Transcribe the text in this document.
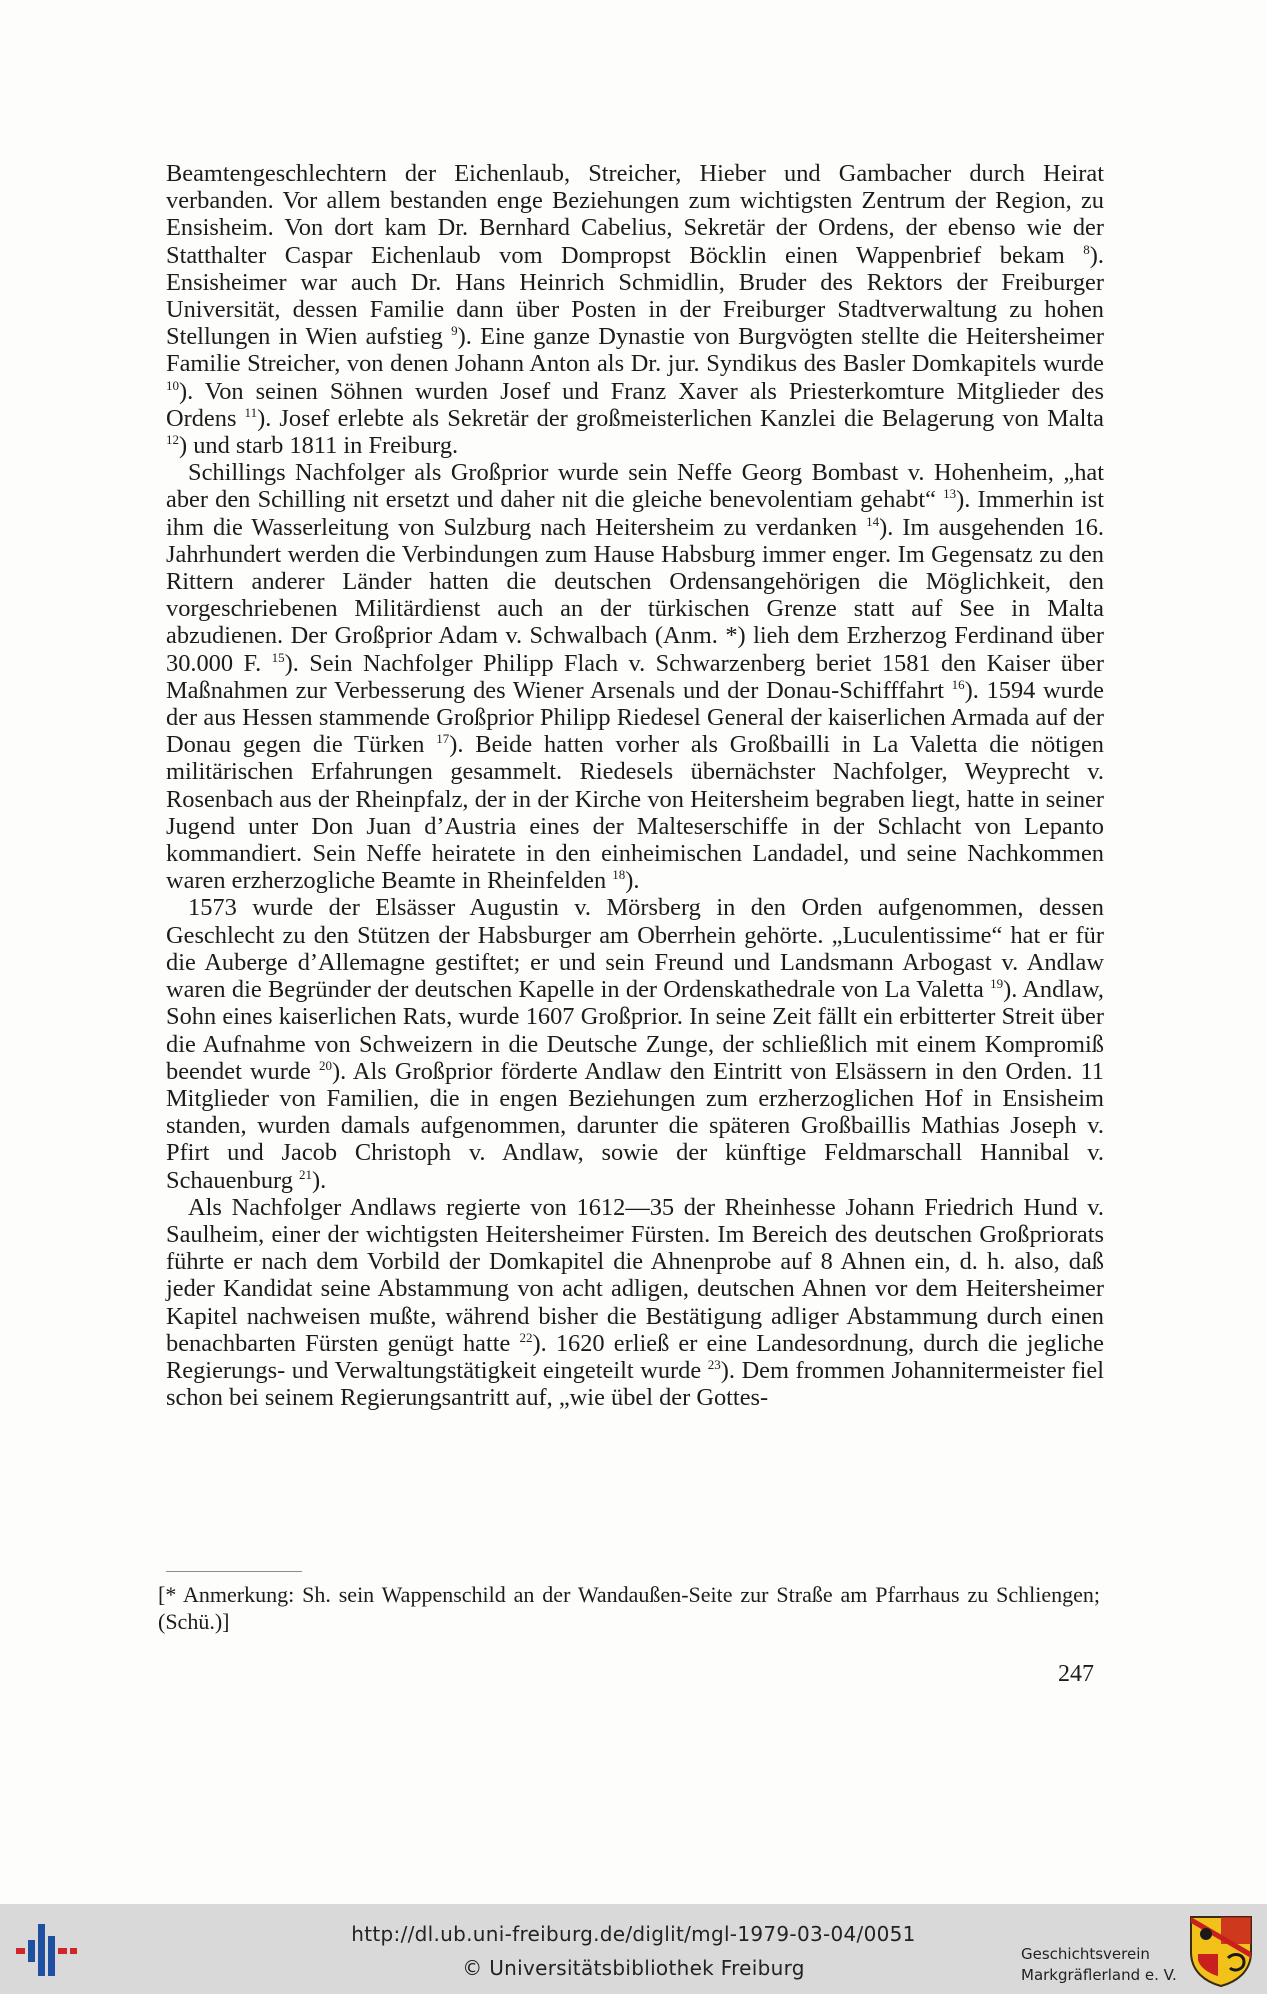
Beamtengeschlechtern der Eichenlaub, Streicher, Hieber und Gambacher durch Heirat verbanden. Vor allem bestanden enge Beziehungen zum wichtigsten Zentrum der Region, zu Ensisheim. Von dort kam Dr. Bernhard Cabelius, Sekretär der Ordens, der ebenso wie der Statthalter Caspar Eichenlaub vom Dompropst Böcklin einen Wappenbrief bekam $^8$). Ensisheimer war auch Dr. Hans Heinrich Schmidlin, Bruder des Rektors der Freiburger Universität, dessen Familie dann über Posten in der Freiburger Stadtverwaltung zu hohen Stellungen in Wien aufstieg $^9$). Eine ganze Dynastie von Burgvögten stellte die Heitersheimer Familie Streicher, von denen Johann Anton als Dr. jur. Syndikus des Basler Domkapitels wurde $^{10}$). Von seinen Söhnen wurden Josef und Franz Xaver als Priesterkomture Mitglieder des Ordens $^{11}$). Josef erlebte als Sekretär der großmeisterlichen Kanzlei die Belagerung von Malta $^{12}$) und starb 1811 in Freiburg.

Schillings Nachfolger als Großprior wurde sein Neffe Georg Bombast v. Hohenheim, „hat aber den Schilling nit ersetzt und daher nit die gleiche benevolentiam gehabt“ $^{13}$). Immerhin ist ihm die Wasserleitung von Sulzburg nach Heitersheim zu verdanken $^{14}$). Im ausgehenden 16. Jahrhundert werden die Verbindungen zum Hause Habsburg immer enger. Im Gegensatz zu den Rittern anderer Länder hatten die deutschen Ordensangehörigen die Möglichkeit, den vorgeschriebenen Militärdienst auch an der türkischen Grenze statt auf See in Malta abzudienen. Der Großprior Adam v. Schwalbach (Anm. *) lieh dem Erzherzog Ferdinand über 30.000 F. $^{15}$). Sein Nachfolger Philipp Flach v. Schwarzenberg beriet 1581 den Kaiser über Maßnahmen zur Verbesserung des Wiener Arsenals und der Donau-Schifffahrt $^{16}$). 1594 wurde der aus Hessen stammende Großprior Philipp Riedesel General der kaiserlichen Armada auf der Donau gegen die Türken $^{17}$). Beide hatten vorher als Großbailli in La Valetta die nötigen militärischen Erfahrungen gesammelt. Riedesels übernächster Nachfolger, Weyprecht v. Rosenbach aus der Rheinpfalz, der in der Kirche von Heitersheim begraben liegt, hatte in seiner Jugend unter Don Juan d’Austria eines der Malteserschiffe in der Schlacht von Lepanto kommandiert. Sein Neffe heiratete in den einheimischen Landadel, und seine Nachkommen waren erzherzogliche Beamte in Rheinfelden $^{18}$).

1573 wurde der Elsässer Augustin v. Mörsberg in den Orden aufgenommen, dessen Geschlecht zu den Stützen der Habsburger am Oberrhein gehörte. „Luculentissime“ hat er für die Auberge d’Allemagne gestiftet; er und sein Freund und Landsmann Arbogast v. Andlaw waren die Begründer der deutschen Kapelle in der Ordenskathedrale von La Valetta $^{19}$). Andlaw, Sohn eines kaiserlichen Rats, wurde 1607 Großprior. In seine Zeit fällt ein erbitterter Streit über die Aufnahme von Schweizern in die Deutsche Zunge, der schließlich mit einem Kompromiß beendet wurde $^{20}$). Als Großprior förderte Andlaw den Eintritt von Elsässern in den Orden. 11 Mitglieder von Familien, die in engen Beziehungen zum erzherzoglichen Hof in Ensisheim standen, wurden damals aufgenommen, darunter die späteren Großbaillis Mathias Joseph v. Pfirt und Jacob Christoph v. Andlaw, sowie der künftige Feldmarschall Hannibal v. Schauenburg $^{21}$).

Als Nachfolger Andlaws regierte von 1612—35 der Rheinhesse Johann Friedrich Hund v. Saulheim, einer der wichtigsten Heitersheimer Fürsten. Im Bereich des deutschen Großpriorats führte er nach dem Vorbild der Domkapitel die Ahnenprobe auf 8 Ahnen ein, d. h. also, daß jeder Kandidat seine Abstammung von acht adligen, deutschen Ahnen vor dem Heitersheimer Kapitel nachweisen mußte, während bisher die Bestätigung adliger Abstammung durch einen benachbarten Fürsten genügt hatte $^{22}$). 1620 erließ er eine Landesordnung, durch die jegliche Regierungs- und Verwaltungstätigkeit eingeteilt wurde $^{23}$). Dem frommen Johannitermeister fiel schon bei seinem Regierungsantritt auf, „wie übel der Gottes-

[* Anmerkung: Sh. sein Wappenschild an der Wandaußen-Seite zur Straße am Pfarrhaus zu Schliengen; (Schü.)]

247
http://dl.ub.uni-freiburg.de/diglit/mgl-1979-03-04/0051
© Universitätsbibliothek Freiburg
Geschichtsverein
Markgräflerland e. V.
